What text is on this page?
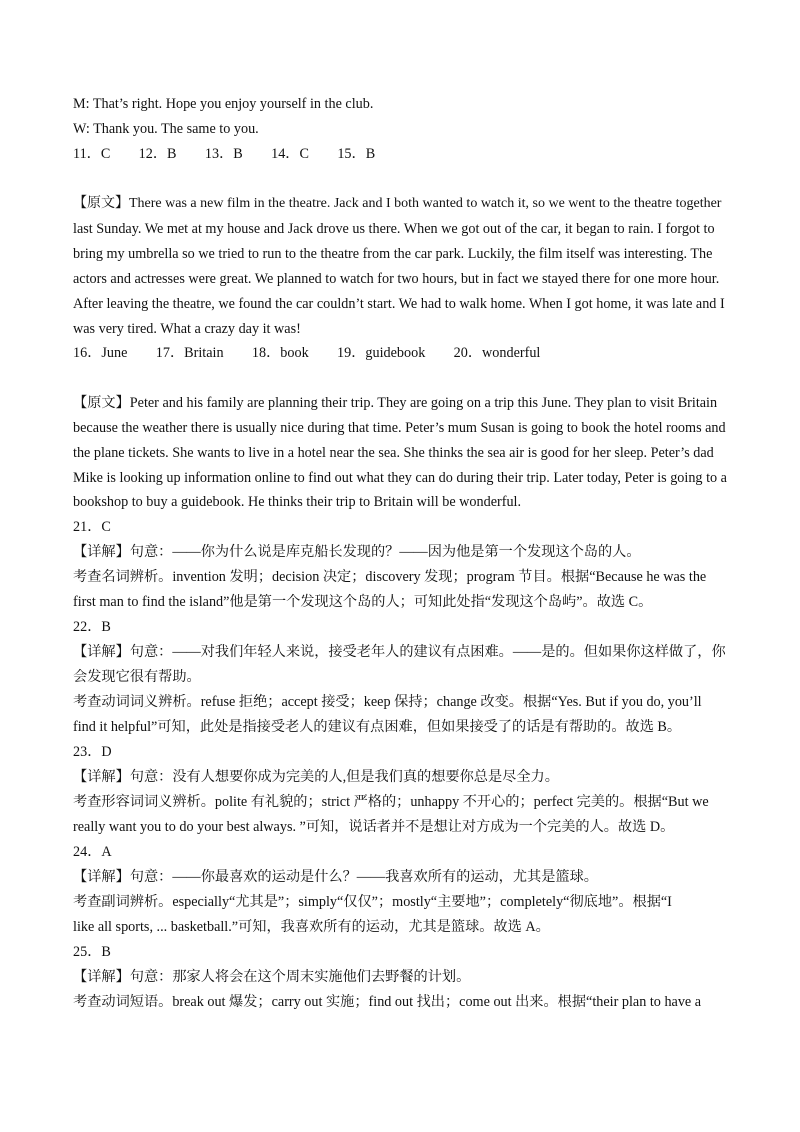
M: That’s right. Hope you enjoy yourself in the club.
W: Thank you. The same to you.
11．C　　12．B　　13．B　　14．C　　15．B
【原文】There was a new film in the theatre. Jack and I both wanted to watch it, so we went to the theatre together
last Sunday. We met at my house and Jack drove us there. When we got out of the car, it began to rain. I forgot to
bring my umbrella so we tried to run to the theatre from the car park. Luckily, the film itself was interesting. The
actors and actresses were great. We planned to watch for two hours, but in fact we stayed there for one more hour.
After leaving the theatre, we found the car couldn’t start. We had to walk home. When I got home, it was late and I
was very tired. What a crazy day it was!
16．June　　17．Britain　　18．book　　19．guidebook　　20．wonderful
【原文】Peter and his family are planning their trip. They are going on a trip this June. They plan to visit Britain
because the weather there is usually nice during that time. Peter’s mum Susan is going to book the hotel rooms and
the plane tickets. She wants to live in a hotel near the sea. She thinks the sea air is good for her sleep. Peter’s dad
Mike is looking up information online to find out what they can do during their trip. Later today, Peter is going to a
bookshop to buy a guidebook. He thinks their trip to Britain will be wonderful.
21．C
【详解】句意：——你为什么说是库克船长发现的？——因为他是第一个发现这个岛的人。
考查名词辨析。invention 发明；decision 决定；discovery 发现；program 节目。根据“Because he was the
first man to find the island”他是第一个发现这个岛的人；可知此处指“发现这个岛屿”。故选 C。
22．B
【详解】句意：——对我们年轻人来说，接受老年人的建议有点困难。——是的。但如果你这样做了，你
会发现它很有帮助。
考查动词词义辨析。refuse 拒绝；accept 接受；keep 保持；change 改变。根据“Yes. But if you do, you’ll
find it helpful”可知，此处是指接受老人的建议有点困难，但如果接受了的话是有帮助的。故选 B。
23．D
【详解】句意：没有人想要你成为完美的人,但是我们真的想要你总是尽全力。
考查形容词词义辨析。polite 有礼貌的；strict 严格的；unhappy 不开心的；perfect 完美的。根据“But we
really want you to do your best always. ”可知，说话者并不是想让对方成为一个完美的人。故选 D。
24．A
【详解】句意：——你最喜欢的运动是什么？——我喜欢所有的运动，尤其是篮球。
考查副词辨析。especially“尤其是”；simply“仅仅”；mostly“主要地”；completely“彻底地”。根据“I
like all sports, ... basketball.”可知，我喜欢所有的运动，尤其是篮球。故选 A。
25．B
【详解】句意：那家人将会在这个周末实施他们去野餐的计划。
考查动词短语。break out 爆发；carry out 实施；find out 找出；come out 出来。根据“their plan to have a
